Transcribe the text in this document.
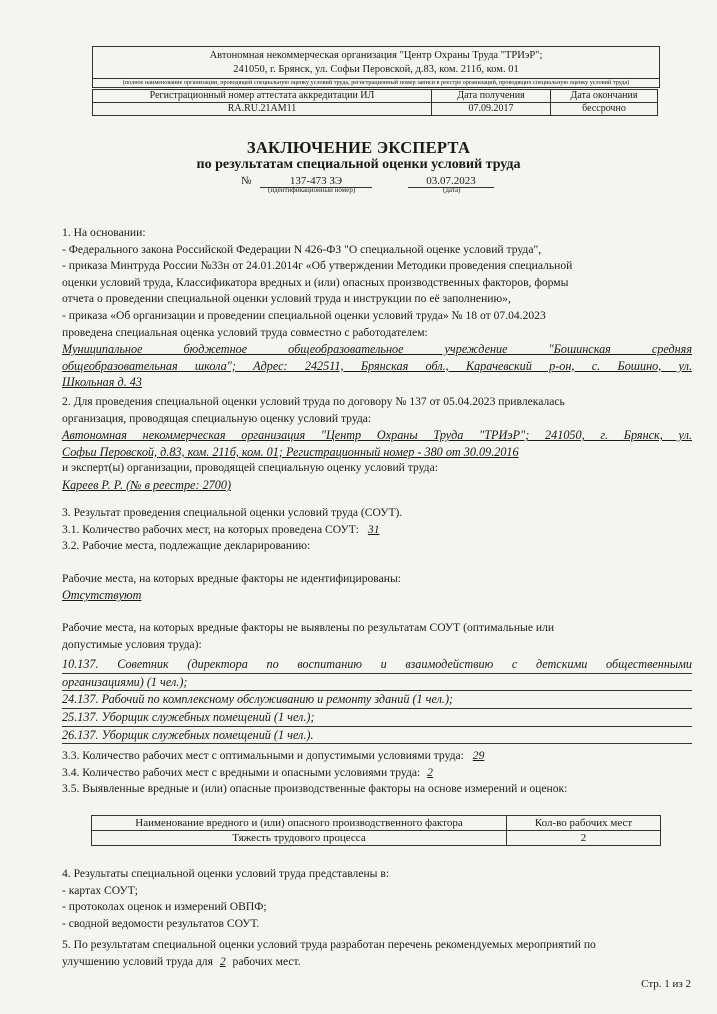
Автономная некоммерческая организация "Центр Охраны Труда "ТРИэР";
241050, г. Брянск, ул. Софьи Перовской, д.83, ком. 211б, ком. 01
(полное наименование организации, проводящей специальную оценку условий труда, регистрационный номер записи в реестре организаций, проводящих специальную оценку условий труда)
Регистрационный номер аттестата аккредитации ИЛ	Дата получения	Дата окончания
RA.RU.21АМ11	07.09.2017	бессрочно
ЗАКЛЮЧЕНИЕ ЭКСПЕРТА
по результатам специальной оценки условий труда
№	137-473 ЗЭ	03.07.2023
(идентификационный номер)	(дата)
1. На основании:
- Федерального закона Российской Федерации N 426-ФЗ "О специальной оценке условий труда",
- приказа Минтруда России №33н от 24.01.2014г «Об утверждении Методики проведения специальной
оценки условий труда, Классификатора вредных и (или) опасных производственных факторов, формы
отчета о проведении специальной оценки условий труда и инструкции по её заполнению»,
- приказа «Об организации и проведении специальной оценки условий труда» № 18 от 07.04.2023
проведена специальная оценка условий труда совместно с работодателем:
Муниципальное бюджетное общеобразовательное учреждение "Бошинская средняя
общеобразовательная школа"; Адрес: 242511, Брянская обл., Карачевский р-он, с. Бошино, ул.
Школьная д. 43
2. Для проведения специальной оценки условий труда по договору № 137 от 05.04.2023 привлекалась
организация, проводящая специальную оценку условий труда:
Автономная некоммерческая организация "Центр Охраны Труда "ТРИэР"; 241050, г. Брянск, ул.
Софьи Перовской, д.83, ком. 211б, ком. 01; Регистрационный номер - 380 от 30.09.2016
и эксперт(ы) организации, проводящей специальную оценку условий труда:
Кареев Р. Р. (№ в реестре: 2700)
3. Результат проведения специальной оценки условий труда (СОУТ).
3.1. Количество рабочих мест, на которых проведена СОУТ: 31
3.2. Рабочие места, подлежащие декларированию:
Рабочие места, на которых вредные факторы не идентифицированы:
Отсутствуют
Рабочие места, на которых вредные факторы не выявлены по результатам СОУТ (оптимальные или
допустимые условия труда):
10.137. Советник (директора по воспитанию и взаимодействию с детскими общественными
организациями) (1 чел.);
24.137. Рабочий по комплексному обслуживанию и ремонту зданий (1 чел.);
25.137. Уборщик служебных помещений (1 чел.);
26.137. Уборщик служебных помещений (1 чел.).
3.3. Количество рабочих мест с оптимальными и допустимыми условиями труда: 29
3.4. Количество рабочих мест с вредными и опасными условиями труда: 2
3.5. Выявленные вредные и (или) опасные производственные факторы на основе измерений и оценок:
Наименование вредного и (или) опасного производственного фактора	Кол-во рабочих мест
Тяжесть трудового процесса	2
4. Результаты специальной оценки условий труда представлены в:
- картах СОУТ;
- протоколах оценок и измерений ОВПФ;
- сводной ведомости результатов СОУТ.
5. По результатам специальной оценки условий труда разработан перечень рекомендуемых мероприятий по
улучшению условий труда для 2 рабочих мест.
Стр. 1 из 2
